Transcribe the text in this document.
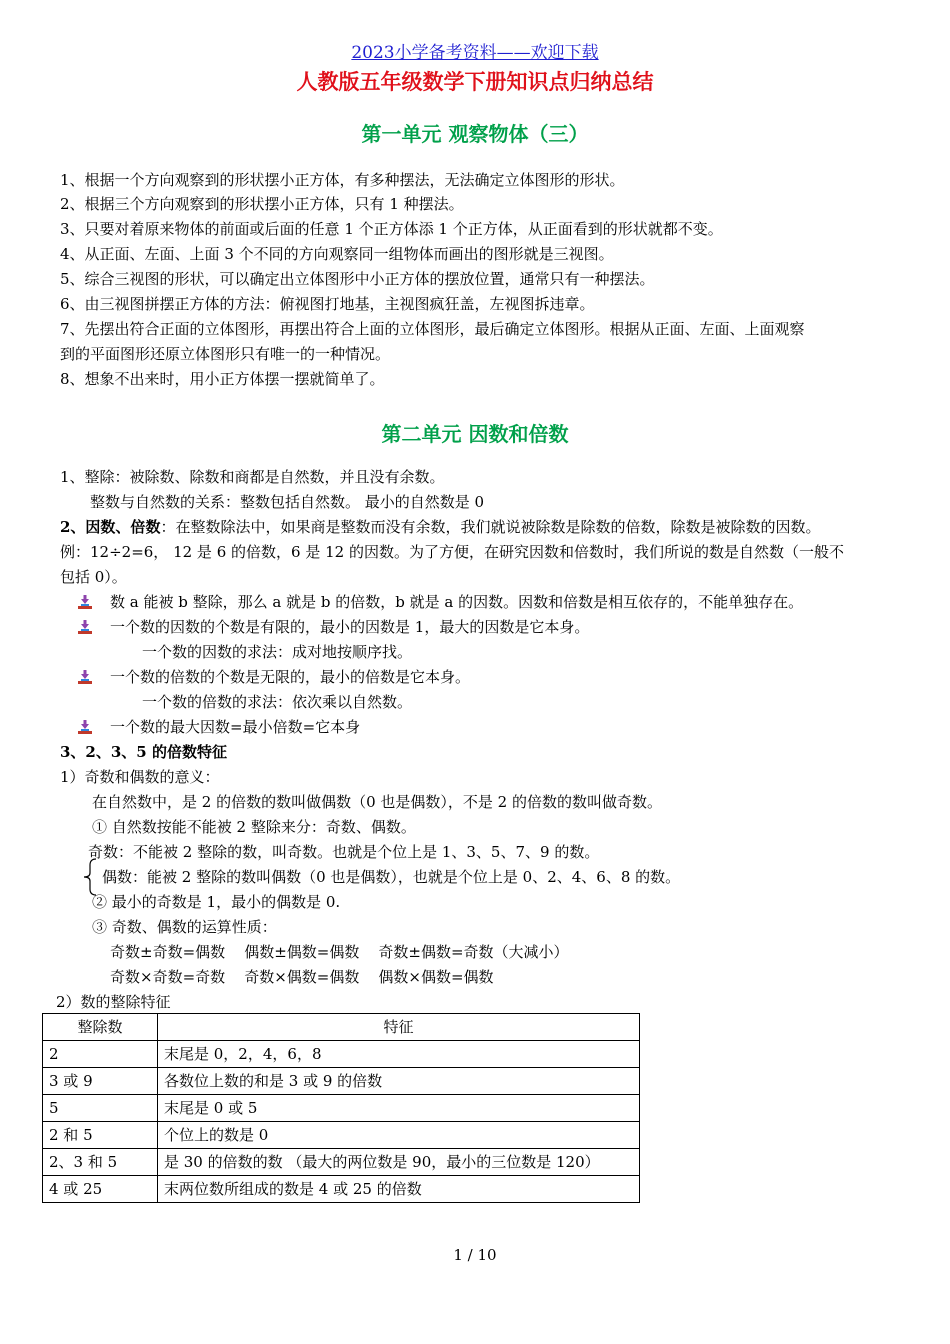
2023小学备考资料——欢迎下载
人教版五年级数学下册知识点归纳总结
第一单元 观察物体（三）
1、根据一个方向观察到的形状摆小正方体，有多种摆法，无法确定立体图形的形状。
2、根据三个方向观察到的形状摆小正方体，只有 1 种摆法。
3、只要对着原来物体的前面或后面的任意 1 个正方体添 1 个正方体，从正面看到的形状就都不变。
4、从正面、左面、上面 3 个不同的方向观察同一组物体而画出的图形就是三视图。
5、综合三视图的形状，可以确定出立体图形中小正方体的摆放位置，通常只有一种摆法。
6、由三视图拼摆正方体的方法：俯视图打地基，主视图疯狂盖，左视图拆违章。
7、先摆出符合正面的立体图形，再摆出符合上面的立体图形，最后确定立体图形。根据从正面、左面、上面观察
到的平面图形还原立体图形只有唯一的一种情况。
8、想象不出来时，用小正方体摆一摆就简单了。
第二单元 因数和倍数
1、整除：被除数、除数和商都是自然数，并且没有余数。
整数与自然数的关系：整数包括自然数。 最小的自然数是 0
2、因数、倍数：在整数除法中，如果商是整数而没有余数，我们就说被除数是除数的倍数，除数是被除数的因数。
例：12÷2=6， 12 是 6 的倍数，6 是 12 的因数。为了方便，在研究因数和倍数时，我们所说的数是自然数（一般不
包括 0）。
数 a 能被 b 整除，那么 a 就是 b 的倍数，b 就是 a 的因数。因数和倍数是相互依存的，不能单独存在。
一个数的因数的个数是有限的，最小的因数是 1，最大的因数是它本身。
一个数的因数的求法：成对地按顺序找。
一个数的倍数的个数是无限的，最小的倍数是它本身。
一个数的倍数的求法：依次乘以自然数。
一个数的最大因数=最小倍数=它本身
3、2、3、5 的倍数特征
1）奇数和偶数的意义：
在自然数中，是 2 的倍数的数叫做偶数（0 也是偶数），不是 2 的倍数的数叫做奇数。
① 自然数按能不能被 2 整除来分：奇数、偶数。
奇数：不能被 2 整除的数，叫奇数。也就是个位上是 1、3、5、7、9 的数。
偶数：能被 2 整除的数叫偶数（0 也是偶数），也就是个位上是 0、2、4、6、8 的数。
② 最小的奇数是 1，最小的偶数是 0.
③ 奇数、偶数的运算性质：
奇数±奇数=偶数    偶数±偶数=偶数    奇数±偶数=奇数（大减小）
奇数×奇数=奇数    奇数×偶数=偶数    偶数×偶数=偶数
2）数的整除特征
整除数	特征
2	末尾是 0，2，4，6，8
3 或 9	各数位上数的和是 3 或 9 的倍数
5	末尾是 0 或 5
2 和 5	个位上的数是 0
2、3 和 5	是 30 的倍数的数 （最大的两位数是 90，最小的三位数是 120）
4 或 25	末两位数所组成的数是 4 或 25 的倍数
1 / 10
